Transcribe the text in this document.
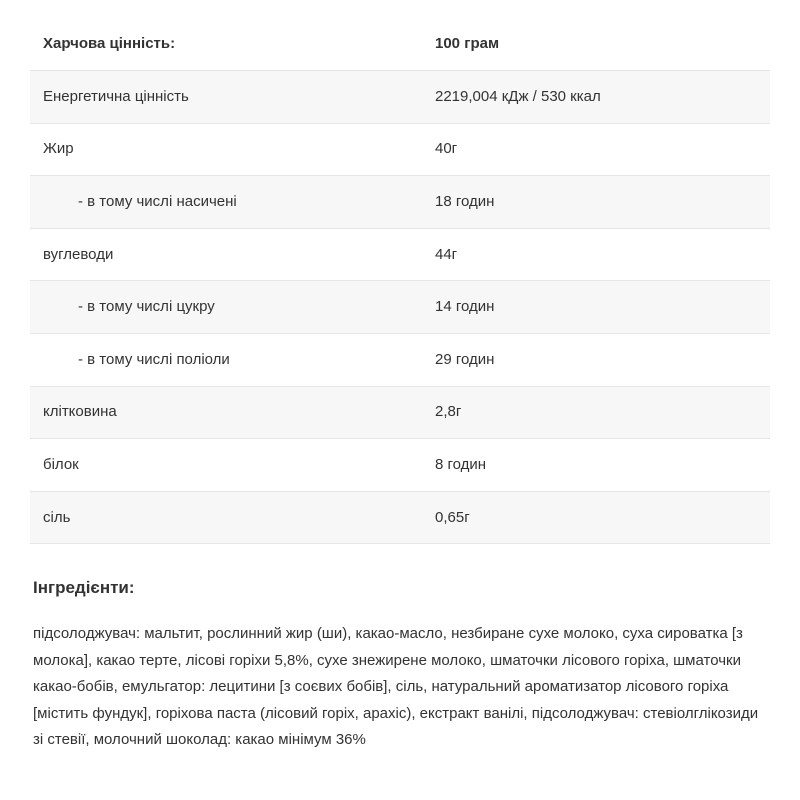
Харчова цінність:	100 грам
Енергетична цінність	2219,004 кДж / 530 ккал
Жир	40г
- в тому числі насичені	18 годин
вуглеводи	44г
- в тому числі цукру	14 годин
- в тому числі поліоли	29 годин
клітковина	2,8г
білок	8 годин
сіль	0,65г
Інгредієнти:

підсолоджувач: мальтит, рослинний жир (ши), какао-масло, незбиране сухе молоко, суха сироватка [з молока], какао терте, лісові горіхи 5,8%, сухе знежирене молоко, шматочки лісового горіха, шматочки какао-бобів, емульгатор: лецитини [з соєвих бобів], сіль, натуральний ароматизатор лісового горіха [містить фундук], горіхова паста (лісовий горіх, арахіс), екстракт ванілі, підсолоджувач: стевіолглікозиди зі стевії, молочний шоколад: какао мінімум 36%
